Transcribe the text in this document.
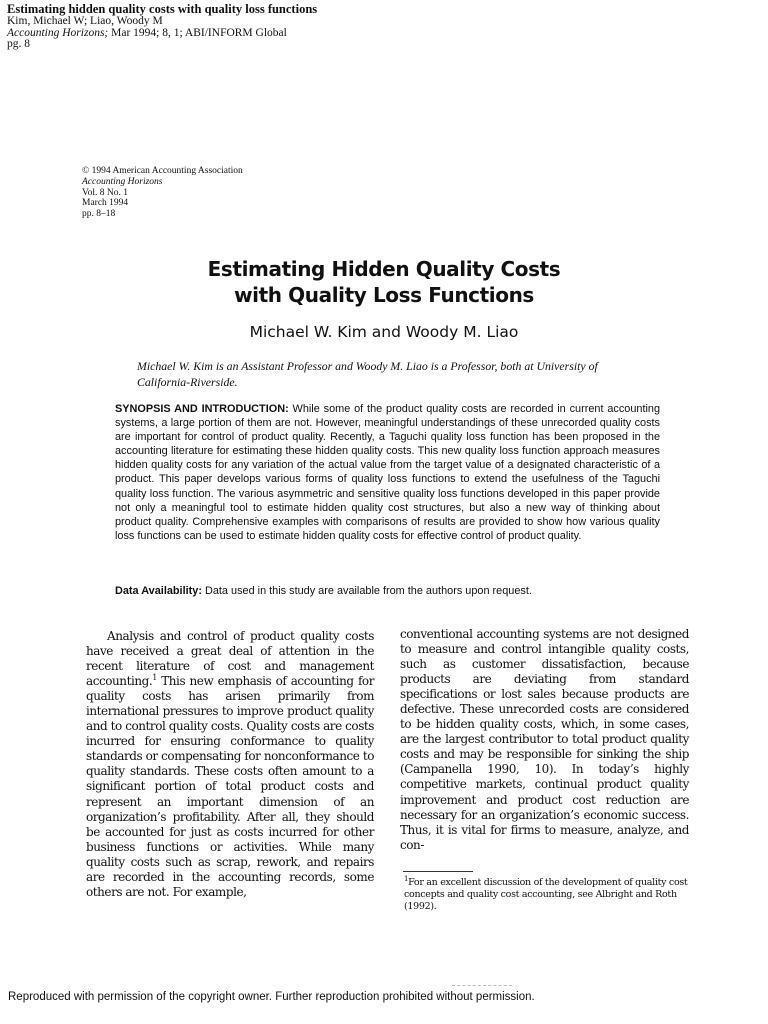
Estimating hidden quality costs with quality loss functions
Kim, Michael W; Liao, Woody M
Accounting Horizons; Mar 1994; 8, 1; ABI/INFORM Global
pg. 8
© 1994 American Accounting Association
Accounting Horizons
Vol. 8 No. 1
March 1994
pp. 8–18
Estimating Hidden Quality Costs
with Quality Loss Functions
Michael W. Kim and Woody M. Liao
Michael W. Kim is an Assistant Professor and Woody M. Liao is a Professor, both at University of California-Riverside.
SYNOPSIS AND INTRODUCTION: While some of the product quality costs are recorded in current accounting systems, a large portion of them are not. However, meaningful understandings of these unrecorded quality costs are important for control of product quality. Recently, a Taguchi quality loss function has been proposed in the accounting literature for estimating these hidden quality costs. This new quality loss function approach measures hidden quality costs for any variation of the actual value from the target value of a designated characteristic of a product. This paper develops various forms of quality loss functions to extend the usefulness of the Taguchi quality loss function. The various asymmetric and sensitive quality loss functions developed in this paper provide not only a meaningful tool to estimate hidden quality cost structures, but also a new way of thinking about product quality. Comprehensive examples with comparisons of results are provided to show how various quality loss functions can be used to estimate hidden quality costs for effective control of product quality.
Data Availability: Data used in this study are available from the authors upon request.

Analysis and control of product quality costs have received a great deal of attention in the recent literature of cost and management accounting.$^1$ This new emphasis of accounting for quality costs has arisen primarily from international pressures to improve product quality and to control quality costs. Quality costs are costs incurred for ensuring conformance to quality standards or compensating for nonconformance to quality standards. These costs often amount to a significant portion of total product costs and represent an important dimension of an organization’s profitability. After all, they should be accounted for just as costs incurred for other business functions or activities. While many quality costs such as scrap, rework, and repairs are recorded in the accounting records, some others are not. For example,

conventional accounting systems are not designed to measure and control intangible quality costs, such as customer dissatisfaction, because products are deviating from standard specifications or lost sales because products are defective. These unrecorded costs are considered to be hidden quality costs, which, in some cases, are the largest contributor to total product quality costs and may be responsible for sinking the ship (Campanella 1990, 10). In today’s highly competitive markets, continual product quality improvement and product cost reduction are necessary for an organization’s economic success. Thus, it is vital for firms to measure, analyze, and con-

$^1$For an excellent discussion of the development of quality cost concepts and quality cost accounting, see Albright and Roth (1992).
Reproduced with permission of the copyright owner. Further reproduction prohibited without permission.
